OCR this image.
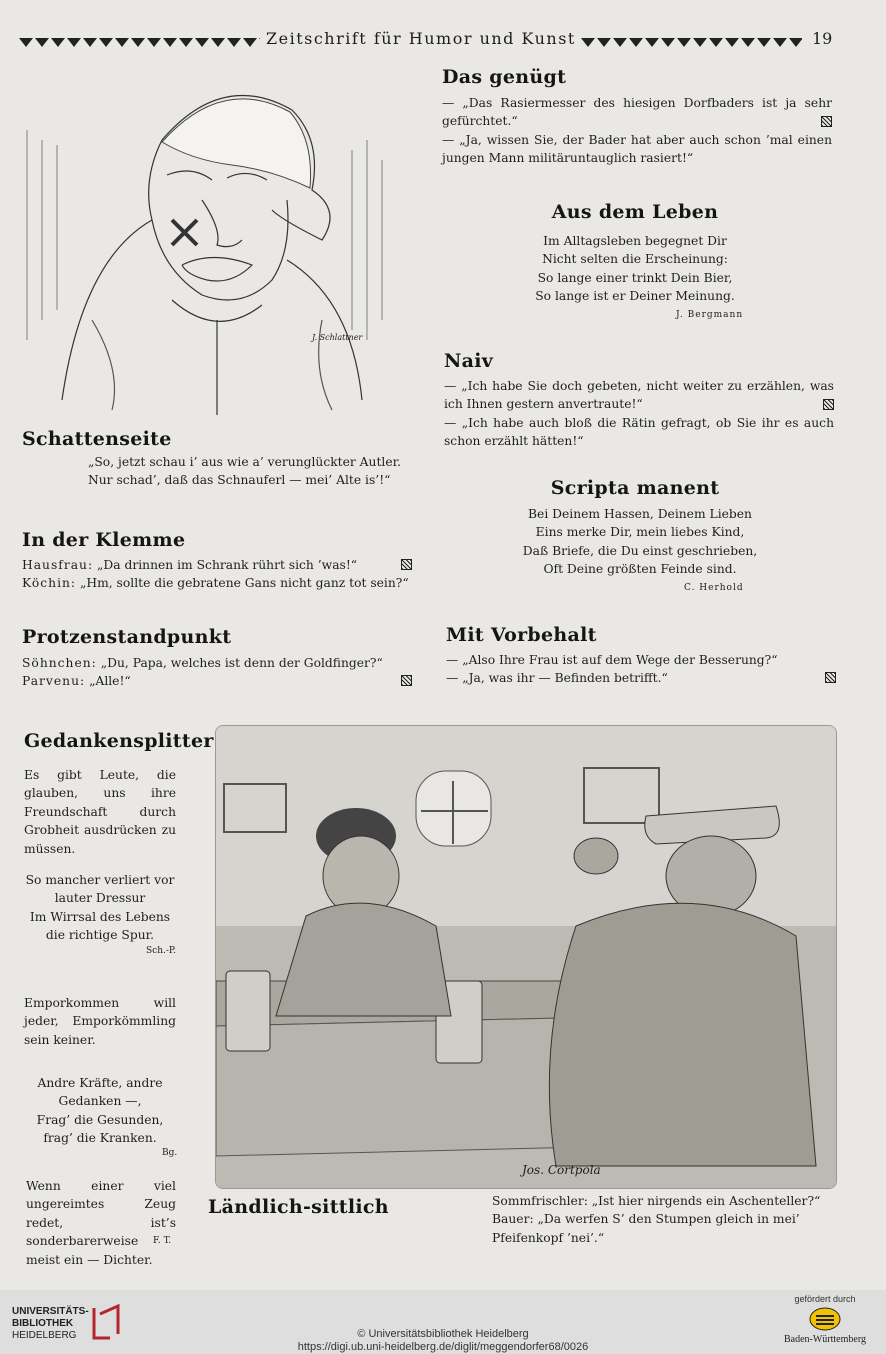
Zeitschrift für Humor und Kunst	19
J. Schlattner
Das genügt
— „Das Rasiermesser des hiesigen Dorfbaders ist ja sehr gefürchtet.“
— „Ja, wissen Sie, der Bader hat aber auch schon ’mal einen jungen Mann militäruntauglich rasiert!“
Aus dem Leben
Im Alltagsleben begegnet Dir
Nicht selten die Erscheinung:
So lange einer trinkt Dein Bier,
So lange ist er Deiner Meinung.
J. Bergmann
Naiv
— „Ich habe Sie doch gebeten, nicht weiter zu erzählen, was ich Ihnen gestern anvertraute!“
— „Ich habe auch bloß die Rätin gefragt, ob Sie ihr es auch schon erzählt hätten!“
Schattenseite
„So, jetzt schau i’ aus wie a’ verunglückter Autler.
Nur schad’, daß das Schnauferl — mei’ Alte is’!“	Scripta manent
Bei Deinem Hassen, Deinem Lieben
Eins merke Dir, mein liebes Kind,
Daß Briefe, die Du einst geschrieben,
Oft Deine größten Feinde sind.
C. Herhold
In der Klemme
Hausfrau: „Da drinnen im Schrank rührt sich ’was!“
Köchin: „Hm, sollte die gebratene Gans nicht ganz tot sein?“
Protzenstandpunkt
Söhnchen: „Du, Papa, welches ist denn der Goldfinger?“
Parvenu: „Alle!“
Mit Vorbehalt
— „Also Ihre Frau ist auf dem Wege der Besserung?“
— „Ja, was ihr — Befinden betrifft.“
Gedankensplitter
Es gibt Leute, die glauben, uns ihre Freundschaft durch Grobheit ausdrücken zu müssen.
So mancher verliert vor
lauter Dressur
Im Wirrsal des Lebens
die richtige Spur.
Sch.-P.
Emporkommen will jeder, Emporkömmling sein keiner.
Andre Kräfte, andre
Gedanken —,
Frag’ die Gesunden,
frag’ die Kranken.
Bg.
Wenn einer viel ungereimtes Zeug redet, ist’s sonderbarerweise meist ein — Dichter.
F. T.
Jos. Cortpola
Ländlich-sittlich	Sommfrischler: „Ist hier nirgends ein Aschenteller?“
Bauer: „Da werfen S’ den Stumpen gleich in mei’ Pfeifenkopf ’nei’.“
UNIVERSITÄTS-
BIBLIOTHEK
HEIDELBERG	© Universitätsbibliothek Heidelberg
https://digi.ub.uni-heidelberg.de/diglit/meggendorfer68/0026
gefördert durch
Baden-Württemberg
